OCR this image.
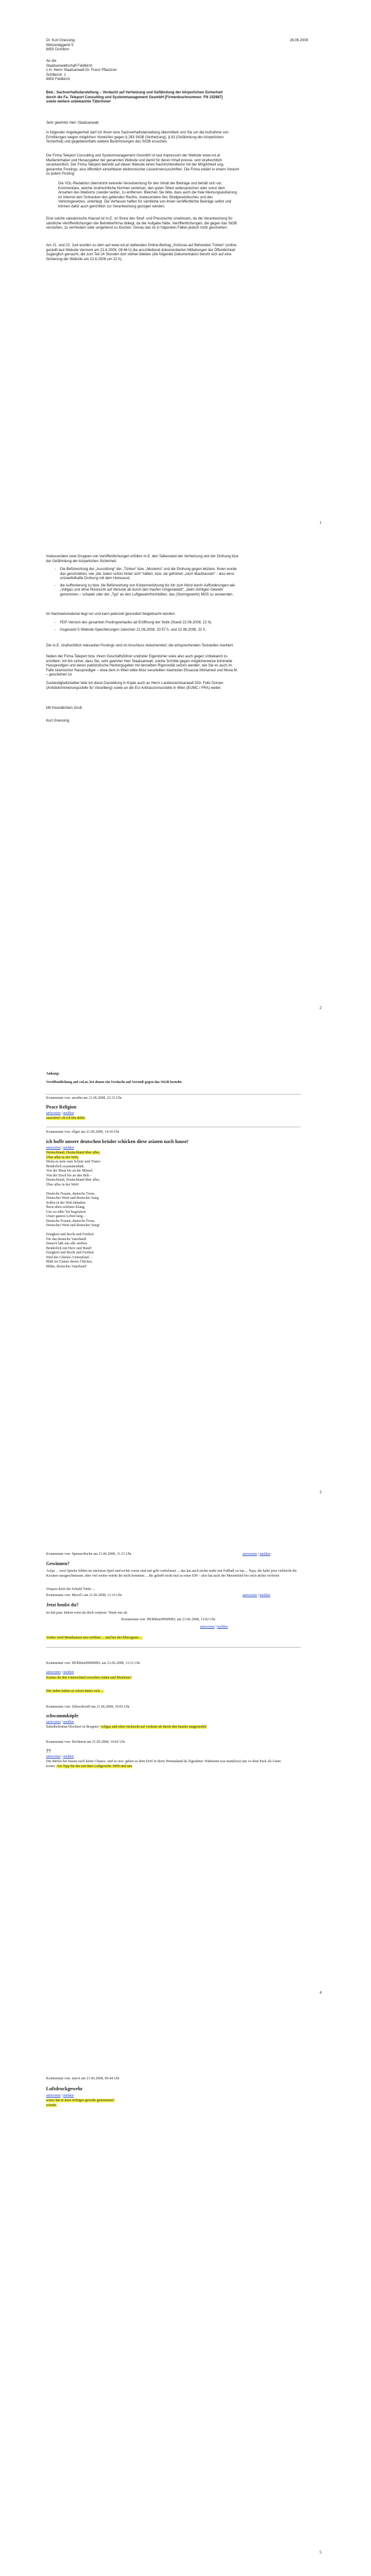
Dr. Kurt Gnessing
Weizenäggerle 5
6850 Dornbirn
26.06.2008
An die
Staatsanwaltschaft Feldkirch
z.H. Herrn Staatsanwalt Dr. Franz Pflanzner
Schillerstr. 1
6800 Feldkirch
Betr.: Sachverhaltsdarstellung – Verdacht auf Verhetzung und Gefährdung der körperlichen Sicherheit durch die Fa. Teleport Consulting und Systemmanagement GesmbH [Firmenbuchnummer: FN 152987] sowie weitere unbekannte Täterinnen
Sehr geehrter Herr Staatsanwalt,
in folgender Angelegenheit darf ich Ihnen eine Sachverhaltsdarstellung übermitteln und Sie um die Aufnahme von Ermittlungen wegen möglichen Vorwürfen gegen § 283 StGB (Verhetzung), § 63 (Gefährdung der körperlichen Sicherheit) und gegebenenfalls weitere Bestimmungen des StGB ersuchen.
Die Firma Teleport Consulting und Systemmanagement GesmbH ist laut Impressum der Website www.vol.at Medieninhaber und Herausgeber der genannten Website und damit für deren Inhalt presse- und strafrechtlich verantwortlich. Der Firma Teleport betreibt auf dieser Website einen Nachrichtendienst mit der Möglichkeit sog. genannter Postings, also öffentlich einsehbarer elektronischer Leserinnenzuschriften. Die Firma erklärt in einem Vorwort zu jedem Posting:
Die VOL-Redaktion übernimmt keinerlei Verantwortung für den Inhalt der Beiträge und behält sich vor, Kommentare, welche strafrechtliche Normen verletzen, den guten Sitten widersprechen oder sonst dem Ansehen des Mediums zuwider laufen, zu entfernen. Bleichen Sie bitte, dass auch die freie Meinungsäußerung im Internet den Schranken des geltenden Rechts, insbesondere des Strafgesetzbuches und des Verbotsgesetzes, unterliegt. Die Verfasser haften für sämtliche von ihnen veröffentlichte Beiträge selbst und können dafür auch gerichtlich zur Verantwortung gezogen werden.
Eine solche salvatorische Klausel ist m.E. im Sinne des Straf- und Pressrechts unwirksam, da die Verantwortung für sämtliche Veröffentlichungen der Betreiberfirma obliegt, da der Aufgabe hätte, Veröffentlichungen, die gegen das StGB verstoßen, zu verhindern oder umgehend zu löschen. Genau das ist in folgenden Fällen jedoch nicht geschehen:
Am 21. und 22. Juni wurden zu dem auf www.vol.at stehenden Online-Beitrag „Schüsse auf fliehenden Türken“ (online gestellt laut Website Vermerk am 21.6.2008, 08:46 h) die anschließend dokumentierten Mitteilungen der Öffentlichkeit zugänglich gemacht, die zum Teil 24 Stunden dort stehen blieben (die folgende Dokumentation beruht sich auf eine Sicherung der Website am 22.6.2008 um 22 h).
1
Insbesondere zwei Gruppen von Veröffentlichungen erfüllen m.E. den Tatbestand der Verhetzung und der Drohung bzw. der Gefährdung der körperlichen Sicherheit:
- Die Befürwortung der „Ausrottung“ der „Türken“ bzw. „Moslems“ und die Drohung gegen letztere. Ihnen wurde das geschrieben, wie „die Juden schon hinter sich“ hätten, bzw. sie gehörten „nach Mauthausen“ - also einst unzweifelhafte Drohung mit dem Holocaust;
- die Aufforderung zu bzw. die Befürwortung von Körperverletzung bis hin zum Mord durch Aufforderungen wie „Vollgas und ohne Rücksicht auf Verluste ab durch den Haufen Umgesiedelt“, „beim richtigen Gewehr genommen – schade! oder der „Typ“ an den Luftgewehrfrechtditen, das (Sturmgewehr) MG5 zu verwenden.
Im Nachweismaterial liegt vor und kann jederzeit gesondert beigebracht werden:
- PDF-Version des gesamten Postingverlaufes ab Eröffnung der Seite (Stand 22.06.2008, 22 h);
- insgesamt 5 Website-Speicherungen zwischen 21.06.2008, 10:57 h, und 22.06.2008, 22 h.
Die m.E. strafrechtlich relevanten Postings sind im Anschluss dokumentiert; die entsprechenden Textstellen markiert.
Neben der Firma Teleport bzw. ihrem Geschäftsführer und/oder Eigentümer wäre also auch gegen Unbekannt zu ermitteln. Ich bin sicher, dass Sie, sehr geehrter Herr Staatsanwalt, solche Schritte gegen möglicherweise kriminelle Hasspredigen und deren publizistische Herbergsgeber mit derselben Rigorosität setzen werden, wie Sie es auch im Falle islamischer Hassprediger – etwa dem in Wien lebte Mosi verurteilten Islamisten Ehsassie Mohamed und Mona M. – geschehen ist.
Zuständigkeitshalber teile ich diese Darstellung in Kopie auch an Herrn Landesrechtsanwalt DDr. Felix Dorsen (Antidiskriminierungsstelle für Vorarlberg) sowie an die EU-Antirassismusstelle in Wien (EUMC / FRA) weiter.
Mit freundlichem Gruß
Kurt Gnessing
2
Anhang:
Veröffentlichung auf vol.at, bei denen ein Verdacht auf Verstoß gegen das StGB besteht:
Kommentar von: anonhn am 21.06.2008, 22:32 Uhr
Peace Religion
antworten | melden
ausrotten! ok ich bin dafür.
Kommentar von: ellgre am 21.06.2008, 14:18 Uhr
ich hoffe unsere deutschen brüder schicken diese asiaten nach hause!
antworten | melden
Deutschland, Deutschland über alles,
Über alles in der Welt,
Wenn es stets zum Schutz und Trutze
Brüderlich zusammenhält.
Von der Maas bis an die Memel,
Von der Etsch bis an den Belt –
Deutschland, Deutschland über alles,
Über alles in der Welt!
Deutsche Frauen, deutsche Treue,
Deutscher Wein und deutscher Sang
Sollen in der Welt behalten
Ihren alten schönen Klang,
Uns zu edler Tat begeistern
Unser ganzes Leben lang –
Deutsche Frauen, deutsche Treue,
Deutscher Wein und deutscher Sang!
Einigkeit und Recht und Freiheit
Für das deutsche Vaterland!
Danach laßt uns alle streben
Brüderlich mit Herz und Hand!
Einigkeit und Recht und Freiheit
Sind des Glückes Unterpfand –
Blüh im Glanze dieses Glückes,
Blühe, deutsches Vaterland!
3
Kommentar von: Spenserfluche am 21.06.2008, 11:15 Uhr	antworten | melden
Gewinnen?
Achja ... zwei Spieler fehlen im nächsten Spiel und rechts vorne sind mit gelb vorbelastet ... das hat auch nichts mehr mit Fußball zu tun ... Naja, die halte jetzt vielleicht die Kroaten rausgeschmissen, aber viel weiter würde ihr nicht kommen ... die geliebt nicht mal zu einer EM – also hat auch der Meistertitel bei euch nichts verloren
Vorpass doch die Schuld Türke ...
Kommentar von: Mucel1 am 21.06.2008, 11:16 Uhr	antworten | melden
Jetzt heulst du?
Ist mit paar Jahren wirst du doch verpisse. Warte nur ab.
Kommentar von: HERRmitHIMMEL am 21.06.2008, 13:02 Uhr
antworten | melden
Vorher wird Mauthausen neu eröffnet ... und bei der Eberzgasse ...
Kommentar von: HERRmitHIMMEL am 21.06.2008, 13:12 Uhr
antworten | melden
Kennst du den Unterschied zwischen Juden und Moslems?
Die Juden haben es schon hinter sich ...
Kommentar von: Zilteschrott9 am 21.06.2008, 10:05 Uhr
schwammköpfe
antworten | melden
Subulholtrinne blockiert in Bregenz! vollgas und ohne rücksicht auf verluste ab durch den haufen umgesiedelt
Kommentar von: Derfinton am 21.06.2008, 10:02 Uhr
??
antworten | melden
Die dürfen bei bissen euch keine Chance, und so usw. gehen es dem Dorf in ihren Heimatland da Zigeuhner. Wahnsinn was man(frau) uns vo dem Pack als Gäste kostet. Am Tipp für des mit dam Luftgewehr. MS9 und uns
4
Kommentar von: mavri am 21.06.2008, 09:44 Uhr
Luftdruckgewehr
antworten | melden
wieso hat er kein richtiges gewehr genommen?
schade.
5
